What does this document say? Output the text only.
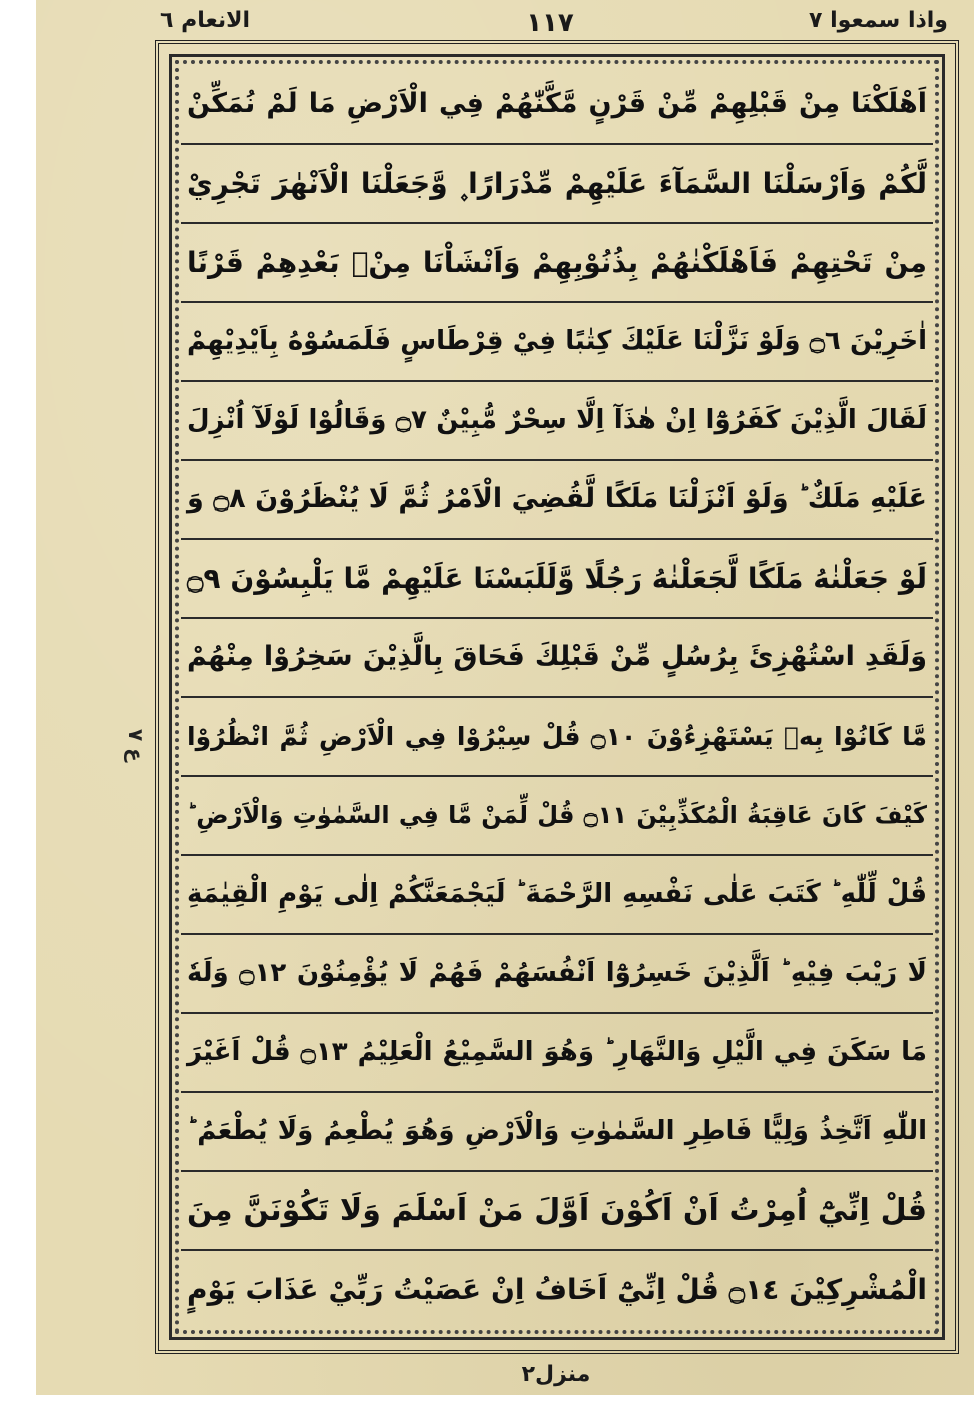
واذا سمعوا ٧
١١٧
الانعام ٦
ع ٧
اَهْلَكْنَا مِنْ قَبْلِهِمْ مِّنْ قَرْنٍ مَّكَّنّٰهُمْ فِي الْاَرْضِ مَا لَمْ نُمَكِّنْ
لَّكُمْ وَاَرْسَلْنَا السَّمَآءَ عَلَيْهِمْ مِّدْرَارًا ۪ وَّجَعَلْنَا الْاَنْهٰرَ تَجْرِيْ
مِنْ تَحْتِهِمْ فَاَهْلَكْنٰهُمْ بِذُنُوْبِهِمْ وَاَنْشَاْنَا مِنْۢ بَعْدِهِمْ قَرْنًا
اٰخَرِيْنَ ۝٦ وَلَوْ نَزَّلْنَا عَلَيْكَ كِتٰبًا فِيْ قِرْطَاسٍ فَلَمَسُوْهُ بِاَيْدِيْهِمْ
لَقَالَ الَّذِيْنَ كَفَرُوْٓا اِنْ هٰذَآ اِلَّا سِحْرٌ مُّبِيْنٌ ۝٧ وَقَالُوْا لَوْلَآ اُنْزِلَ
عَلَيْهِ مَلَكٌ ؕ وَلَوْ اَنْزَلْنَا مَلَكًا لَّقُضِيَ الْاَمْرُ ثُمَّ لَا يُنْظَرُوْنَ ۝٨ وَ
لَوْ جَعَلْنٰهُ مَلَكًا لَّجَعَلْنٰهُ رَجُلًا وَّلَلَبَسْنَا عَلَيْهِمْ مَّا يَلْبِسُوْنَ ۝٩
وَلَقَدِ اسْتُهْزِئَ بِرُسُلٍ مِّنْ قَبْلِكَ فَحَاقَ بِالَّذِيْنَ سَخِرُوْا مِنْهُمْ
مَّا كَانُوْا بِهٖ يَسْتَهْزِءُوْنَ ۝١٠ قُلْ سِيْرُوْا فِي الْاَرْضِ ثُمَّ انْظُرُوْا
كَيْفَ كَانَ عَاقِبَةُ الْمُكَذِّبِيْنَ ۝١١ قُلْ لِّمَنْ مَّا فِي السَّمٰوٰتِ وَالْاَرْضِ ؕ
قُلْ لِّلّٰهِ ؕ كَتَبَ عَلٰى نَفْسِهِ الرَّحْمَةَ ؕ لَيَجْمَعَنَّكُمْ اِلٰى يَوْمِ الْقِيٰمَةِ
لَا رَيْبَ فِيْهِ ؕ اَلَّذِيْنَ خَسِرُوْٓا اَنْفُسَهُمْ فَهُمْ لَا يُؤْمِنُوْنَ ۝١٢ وَلَهٗ
مَا سَكَنَ فِي الَّيْلِ وَالنَّهَارِ ؕ وَهُوَ السَّمِيْعُ الْعَلِيْمُ ۝١٣ قُلْ اَغَيْرَ
اللّٰهِ اَتَّخِذُ وَلِيًّا فَاطِرِ السَّمٰوٰتِ وَالْاَرْضِ وَهُوَ يُطْعِمُ وَلَا يُطْعَمُ ؕ
قُلْ اِنِّيْٓ اُمِرْتُ اَنْ اَكُوْنَ اَوَّلَ مَنْ اَسْلَمَ وَلَا تَكُوْنَنَّ مِنَ
الْمُشْرِكِيْنَ ۝١٤ قُلْ اِنِّيْٓ اَخَافُ اِنْ عَصَيْتُ رَبِّيْ عَذَابَ يَوْمٍ
منزل٢
